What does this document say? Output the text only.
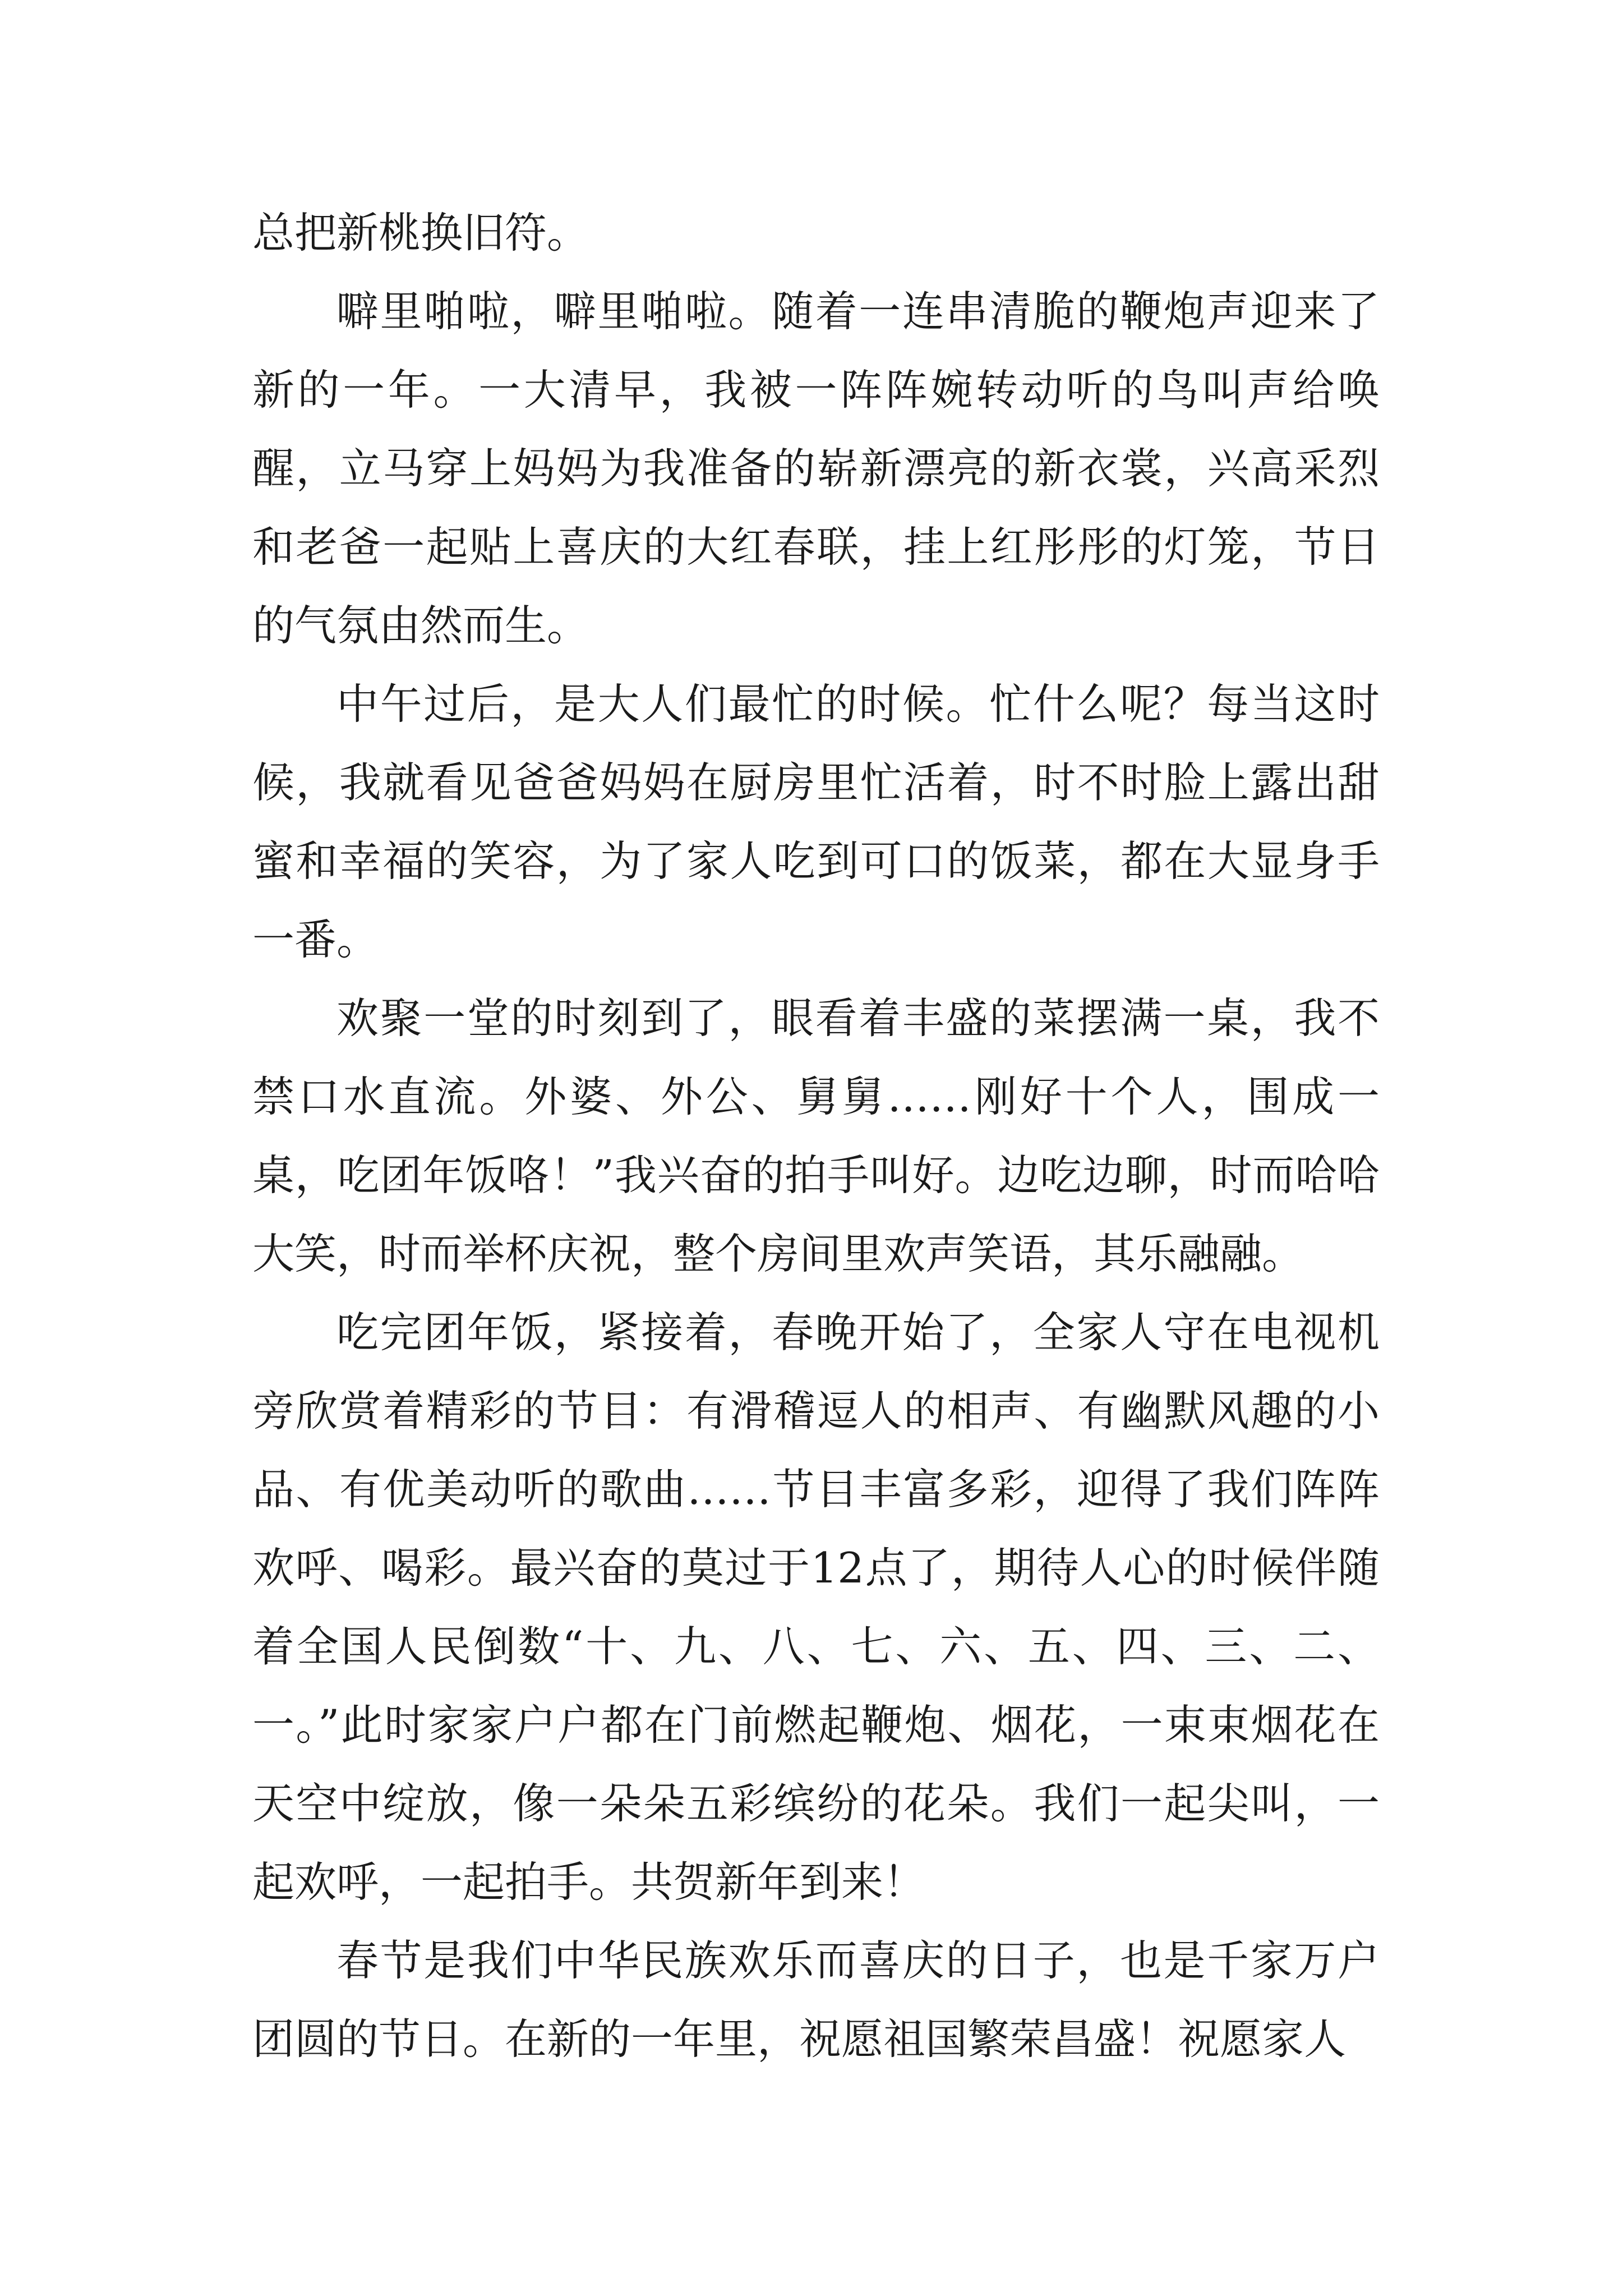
总把新桃换旧符。

噼里啪啦，噼里啪啦。随着一连串清脆的鞭炮声迎来了新的一年。一大清早，我被一阵阵婉转动听的鸟叫声给唤醒，立马穿上妈妈为我准备的崭新漂亮的新衣裳，兴高采烈和老爸一起贴上喜庆的大红春联，挂上红彤彤的灯笼，节日的气氛由然而生。

中午过后，是大人们最忙的时候。忙什么呢？每当这时候，我就看见爸爸妈妈在厨房里忙活着，时不时脸上露出甜蜜和幸福的笑容，为了家人吃到可口的饭菜，都在大显身手一番。

欢聚一堂的时刻到了，眼看着丰盛的菜摆满一桌，我不禁口水直流。外婆、外公、舅舅……刚好十个人，围成一桌，吃团年饭咯！”我兴奋的拍手叫好。边吃边聊，时而哈哈大笑，时而举杯庆祝，整个房间里欢声笑语，其乐融融。

吃完团年饭，紧接着，春晚开始了，全家人守在电视机旁欣赏着精彩的节目：有滑稽逗人的相声、有幽默风趣的小品、有优美动听的歌曲……节目丰富多彩，迎得了我们阵阵欢呼、喝彩。最兴奋的莫过于12点了，期待人心的时候伴随着全国人民倒数“十、九、八、七、六、五、四、三、二、一。”此时家家户户都在门前燃起鞭炮、烟花，一束束烟花在天空中绽放，像一朵朵五彩缤纷的花朵。我们一起尖叫，一起欢呼，一起拍手。共贺新年到来！

春节是我们中华民族欢乐而喜庆的日子，也是千家万户团圆的节日。在新的一年里，祝愿祖国繁荣昌盛！祝愿家人
